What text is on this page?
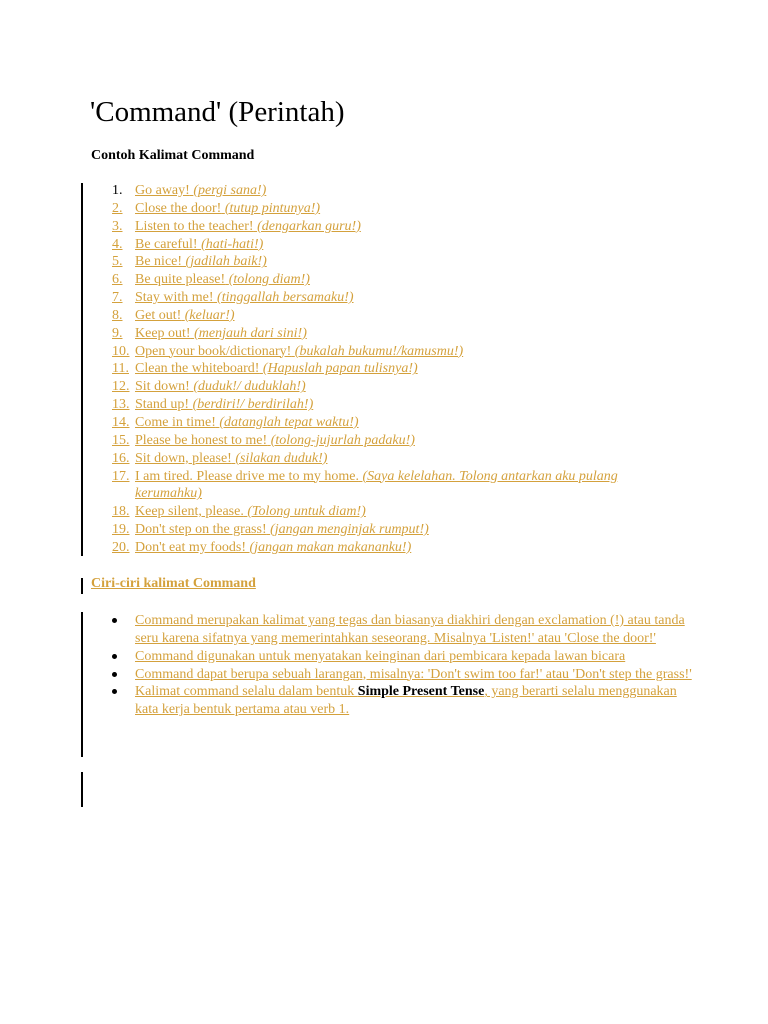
'Command' (Perintah)
Contoh Kalimat Command
1. Go away! (pergi sana!)
2. Close the door! (tutup pintunya!)
3. Listen to the teacher! (dengarkan guru!)
4. Be careful! (hati-hati!)
5. Be nice! (jadilah baik!)
6. Be quite please! (tolong diam!)
7. Stay with me! (tinggallah bersamaku!)
8. Get out! (keluar!)
9. Keep out! (menjauh dari sini!)
10. Open your book/dictionary! (bukalah bukumu!/kamusmu!)
11. Clean the whiteboard! (Hapuslah papan tulisnya!)
12. Sit down! (duduk!/ duduklah!)
13. Stand up! (berdiri!/ berdirilah!)
14. Come in time! (datanglah tepat waktu!)
15. Please be honest to me! (tolong-jujurlah padaku!)
16. Sit down, please! (silakan duduk!)
17. I am tired. Please drive me to my home. (Saya kelelahan. Tolong antarkan aku pulang kerumahku)
18. Keep silent, please. (Tolong untuk diam!)
19. Don't step on the grass! (jangan menginjak rumput!)
20. Don't eat my foods! (jangan makan makananku!)
Ciri-ciri kalimat Command
Command merupakan kalimat yang tegas dan biasanya diakhiri dengan exclamation (!) atau tanda seru karena sifatnya yang memerintahkan seseorang. Misalnya 'Listen!' atau 'Close the door!'
Command digunakan untuk menyatakan keinginan dari pembicara kepada lawan bicara
Command dapat berupa sebuah larangan, misalnya: 'Don't swim too far!' atau 'Don't step the grass!'
Kalimat command selalu dalam bentuk Simple Present Tense, yang berarti selalu menggunakan kata kerja bentuk pertama atau verb 1.
